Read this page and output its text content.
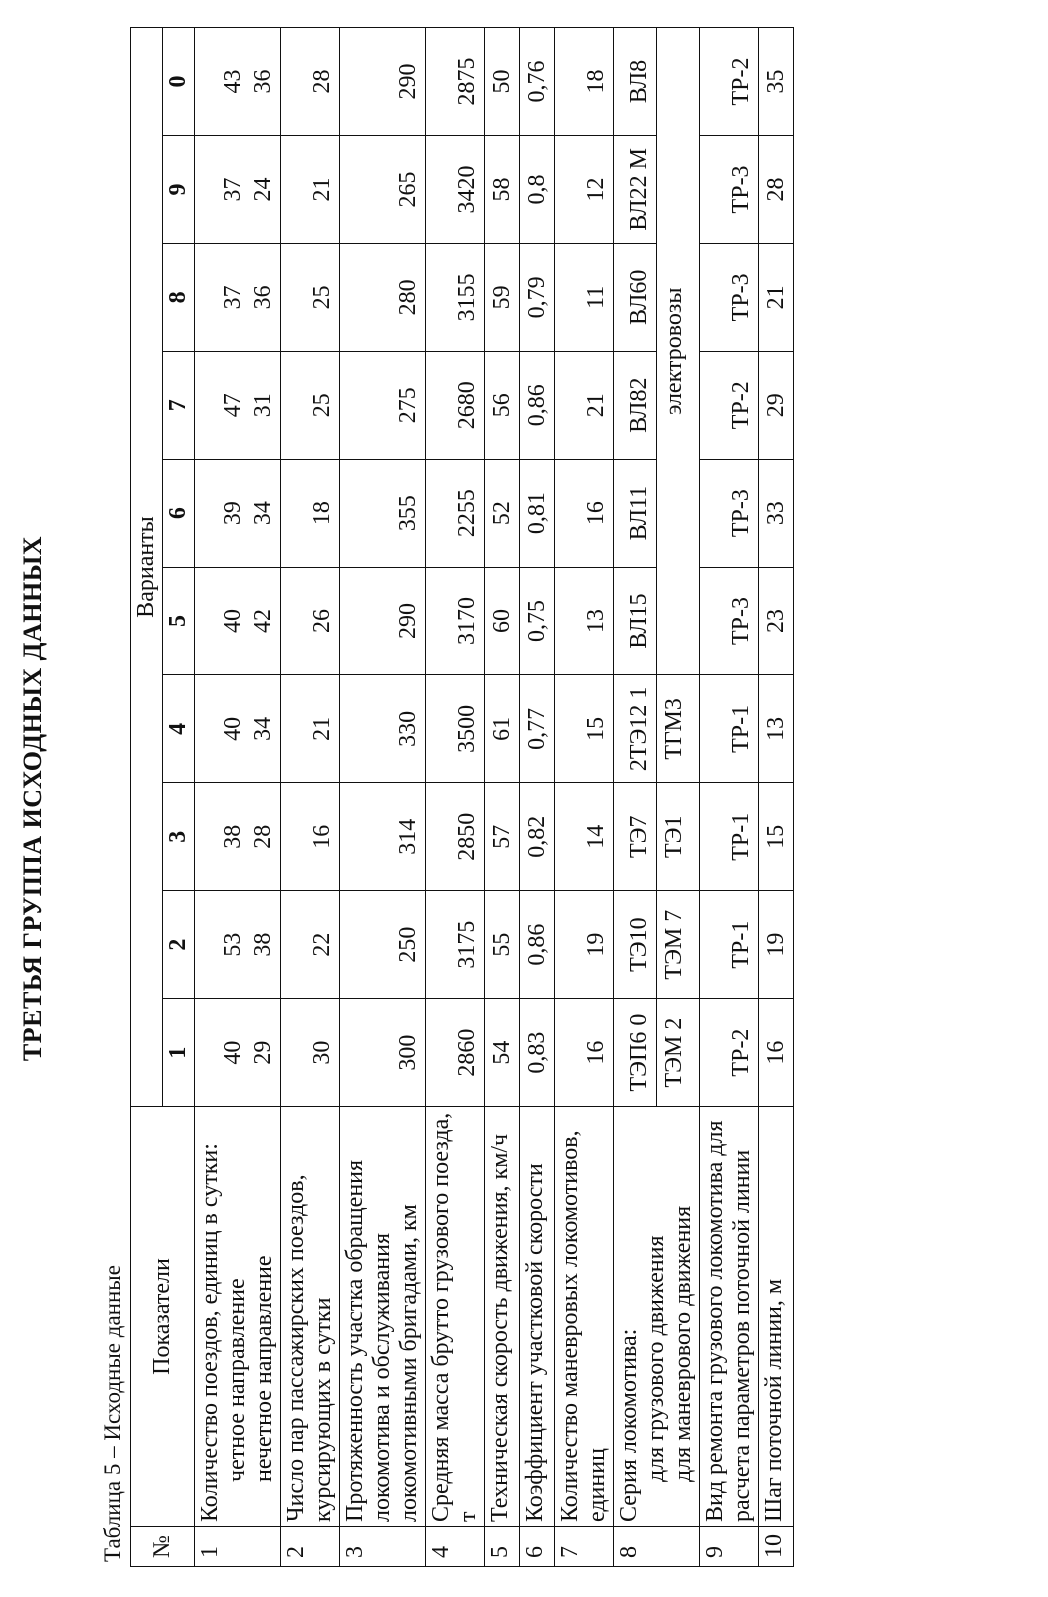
ТРЕТЬЯ ГРУППА ИСХОДНЫХ ДАННЫХ
Таблица 5 – Исходные данные №	Показатели	Варианты									
		1	2	3	4	5	6	7	8	9	0
1	Количество поездов, единиц в сутки: четное направление нечетное направление	40 29	53 38	38 28	40 34	40 42	39 34	47 31	37 36	37 24	43 36
2	Число пар пассажирских поездов, курсирующих в сутки	30	22	16	21	26	18	25	25	21	28
3	Протяженность участка обращения локомотива и обслуживания локомотивными бригадами, км	300	250	314	330	290	355	275	280	265	290
4	Средняя масса брутто грузового поезда, т	2860	3175	2850	3500	3170	2255	2680	3155	3420	2875
5	Техническая скорость движения, км/ч	54	55	57	61	60	52	56	59	58	50
6	Коэффициент участковой скорости	0,83	0,86	0,82	0,77	0,75	0,81	0,86	0,79	0,8	0,76
7	Количество маневровых локомотивов, единиц	16	19	14	15	13	16	21	11	12	18
8	Серия локомотива: для грузового движения для маневрового движения	ТЭП6 0	ТЭ10	ТЭ7	2ТЭ12 1	ВЛ15	ВЛ11	ВЛ82	ВЛ60	ВЛ22 М	ВЛ8
		ТЭМ 2	ТЭМ 7	ТЭ1	ТГМ3	электровозы					
9	Вид ремонта грузового локомотива для расчета параметров поточной линии	ТР-2	ТР-1	ТР-1	ТР-1	ТР-3	ТР-3	ТР-2	ТР-3	ТР-3	ТР-2
10	Шаг поточной линии, м	16	19	15	13	23	33	29	21	28	35
